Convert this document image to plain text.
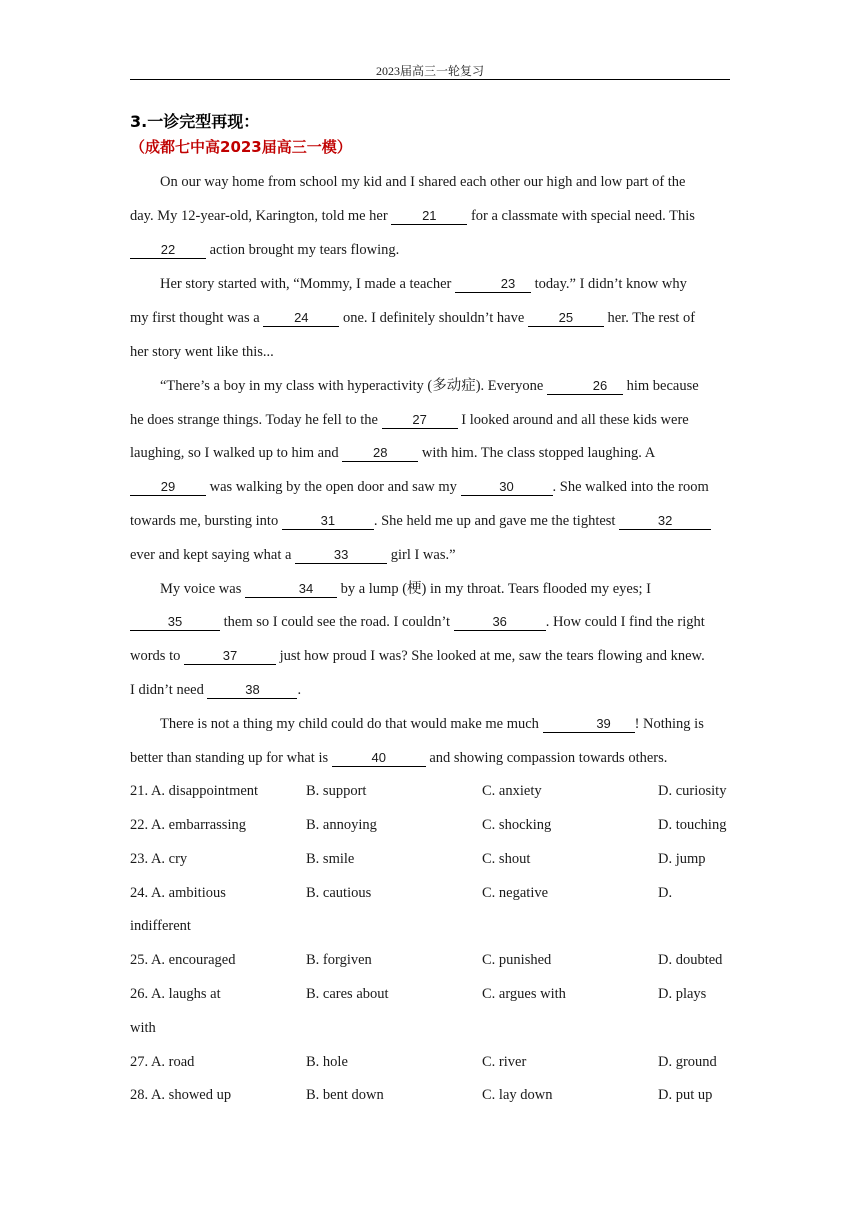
2023届高三一轮复习
3.一诊完型再现：
（成都七中高2023届高三一模）
On our way home from school my kid and I shared each other our high and low part of the
day. My 12-year-old, Karington, told me her 21 for a classmate with special need. This
22 action brought my tears flowing.
Her story started with, “Mommy, I made a teacher	23 today.” I didn’t know why
my first thought was a 24 one. I definitely shouldn’t have 25 her. The rest of
her story went like this...
“There’s a boy in my class with hyperactivity (多动症). Everyone	26 him because
he does strange things. Today he fell to the 27 I looked around and all these kids were
laughing, so I walked up to him and 28 with him. The class stopped laughing. A
29 was walking by the open door and saw my	30	. She walked into the room
towards me, bursting into	31	. She held me up and gave me the tightest	32
ever and kept saying what a	33	girl I was.”
My voice was	34 by a lump (梗) in my throat. Tears flooded my eyes; I
35	them so I could see the road. I couldn’t	36	. How could I find the right
words to	37	just how proud I was? She looked at me, saw the tears flowing and knew.
I didn’t need	38	.
There is not a thing my child could do that would make me much	39 ! Nothing is
better than standing up for what is	40	and showing compassion towards others.
21. A. disappointment	B. support	C. anxiety	D. curiosity
22. A. embarrassing	B. annoying	C. shocking	D. touching
23. A. cry	B. smile	C. shout	D. jump
24. A. ambitious	B. cautious	C. negative	D.
indifferent
25. A. encouraged	B. forgiven	C. punished	D. doubted
26. A. laughs at	B. cares about	C. argues with	D. plays
with
27. A. road	B. hole	C. river	D. ground
28. A. showed up	B. bent down	C. lay down	D. put up
